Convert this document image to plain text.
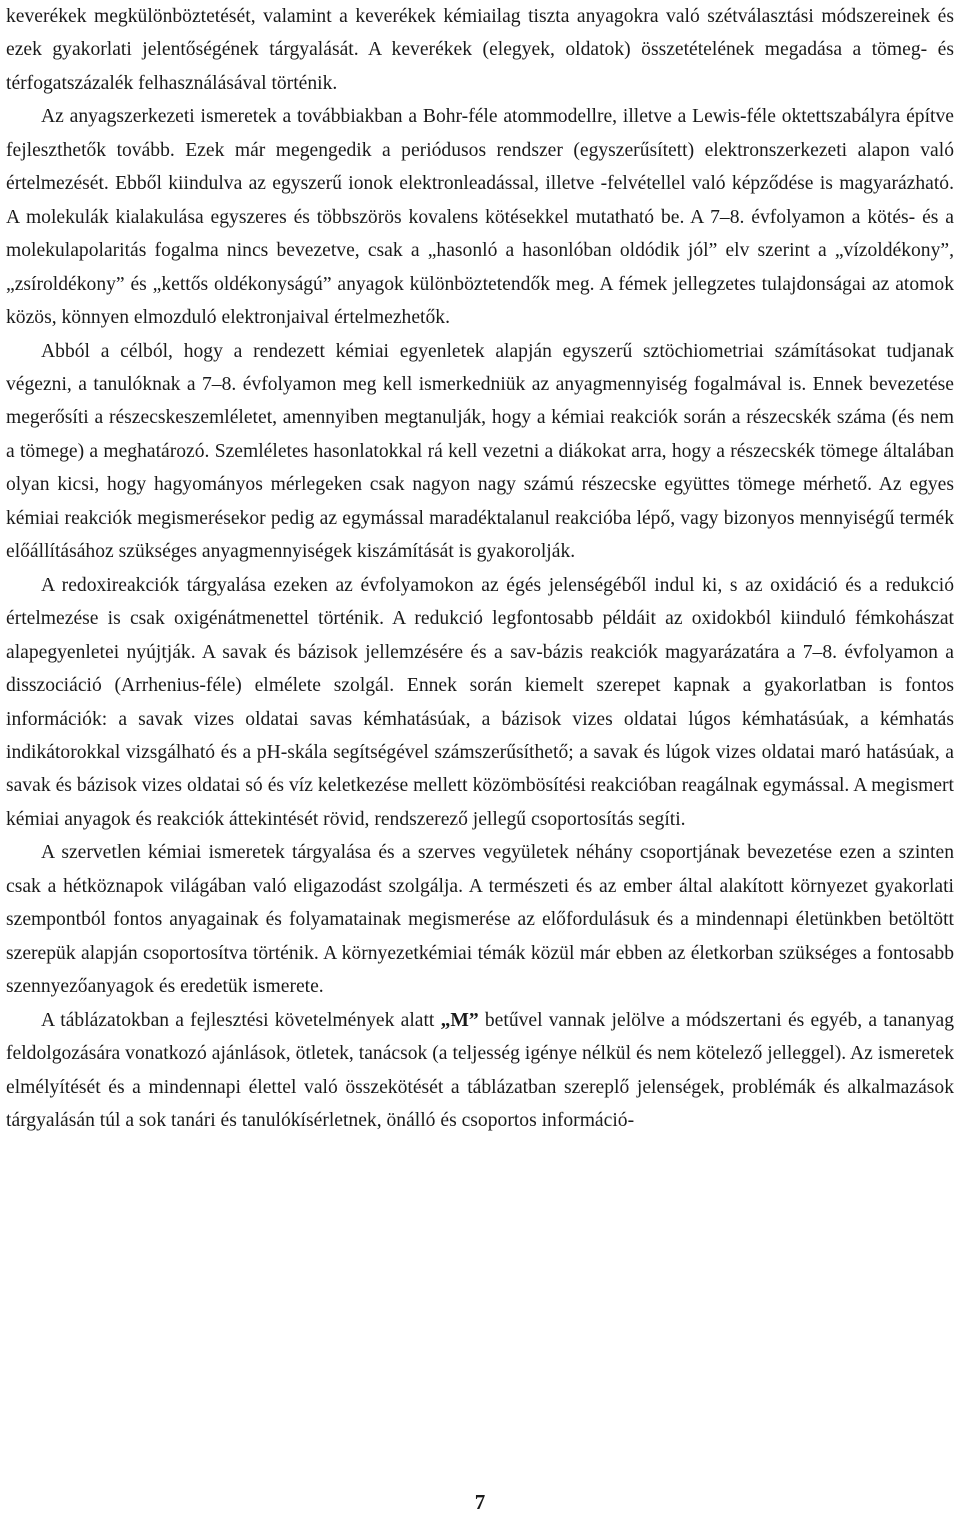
keverékek megkülönböztetését, valamint a keverékek kémiailag tiszta anyagokra való szétválasztási módszereinek és ezek gyakorlati jelentőségének tárgyalását. A keverékek (elegyek, oldatok) összetételének megadása a tömeg- és térfogatszázalék felhasználásával történik.

Az anyagszerkezeti ismeretek a továbbiakban a Bohr-féle atommodellre, illetve a Lewis-féle oktettszabályra építve fejleszthetők tovább. Ezek már megengedik a periódusos rendszer (egyszerűsített) elektronszerkezeti alapon való értelmezését. Ebből kiindulva az egyszerű ionok elektronleadással, illetve -felvétellel való képződése is magyarázható. A molekulák kialakulása egyszeres és többszörös kovalens kötésekkel mutatható be. A 7–8. évfolyamon a kötés- és a molekulapolaritás fogalma nincs bevezetve, csak a „hasonló a hasonlóban oldódik jól” elv szerint a „vízoldékony”, „zsíroldékony” és „kettős oldékonyságú” anyagok különböztetendők meg. A fémek jellegzetes tulajdonságai az atomok közös, könnyen elmozduló elektronjaival értelmezhetők.

Abból a célból, hogy a rendezett kémiai egyenletek alapján egyszerű sztöchiometriai számításokat tudjanak végezni, a tanulóknak a 7–8. évfolyamon meg kell ismerkedniük az anyagmennyiség fogalmával is. Ennek bevezetése megerősíti a részecskeszemléletet, amennyiben megtanulják, hogy a kémiai reakciók során a részecskék száma (és nem a tömege) a meghatározó. Szemléletes hasonlatokkal rá kell vezetni a diákokat arra, hogy a részecskék tömege általában olyan kicsi, hogy hagyományos mérlegeken csak nagyon nagy számú részecske együttes tömege mérhető. Az egyes kémiai reakciók megismerésekor pedig az egymással maradéktalanul reakcióba lépő, vagy bizonyos mennyiségű termék előállításához szükséges anyagmennyiségek kiszámítását is gyakorolják.

A redoxireakciók tárgyalása ezeken az évfolyamokon az égés jelenségéből indul ki, s az oxidáció és a redukció értelmezése is csak oxigénátmenettel történik. A redukció legfontosabb példáit az oxidokból kiinduló fémkohászat alapegyenletei nyújtják. A savak és bázisok jellemzésére és a sav-bázis reakciók magyarázatára a 7–8. évfolyamon a disszociáció (Arrhenius-féle) elmélete szolgál. Ennek során kiemelt szerepet kapnak a gyakorlatban is fontos információk: a savak vizes oldatai savas kémhatásúak, a bázisok vizes oldatai lúgos kémhatásúak, a kémhatás indikátorokkal vizsgálható és a pH-skála segítségével számszerűsíthető; a savak és lúgok vizes oldatai maró hatásúak, a savak és bázisok vizes oldatai só és víz keletkezése mellett közömbösítési reakcióban reagálnak egymással. A megismert kémiai anyagok és reakciók áttekintését rövid, rendszerező jellegű csoportosítás segíti.

A szervetlen kémiai ismeretek tárgyalása és a szerves vegyületek néhány csoportjának bevezetése ezen a szinten csak a hétköznapok világában való eligazodást szolgálja. A természeti és az ember által alakított környezet gyakorlati szempontból fontos anyagainak és folyamatainak megismerése az előfordulásuk és a mindennapi életünkben betöltött szerepük alapján csoportosítva történik. A környezetkémiai témák közül már ebben az életkorban szükséges a fontosabb szennyezőanyagok és eredetük ismerete.

A táblázatokban a fejlesztési követelmények alatt „M” betűvel vannak jelölve a módszertani és egyéb, a tananyag feldolgozására vonatkozó ajánlások, ötletek, tanácsok (a teljesség igénye nélkül és nem kötelező jelleggel). Az ismeretek elmélyítését és a mindennapi élettel való összekötését a táblázatban szereplő jelenségek, problémák és alkalmazások tárgyalásán túl a sok tanári és tanulókísérletnek, önálló és csoportos információ-

7
